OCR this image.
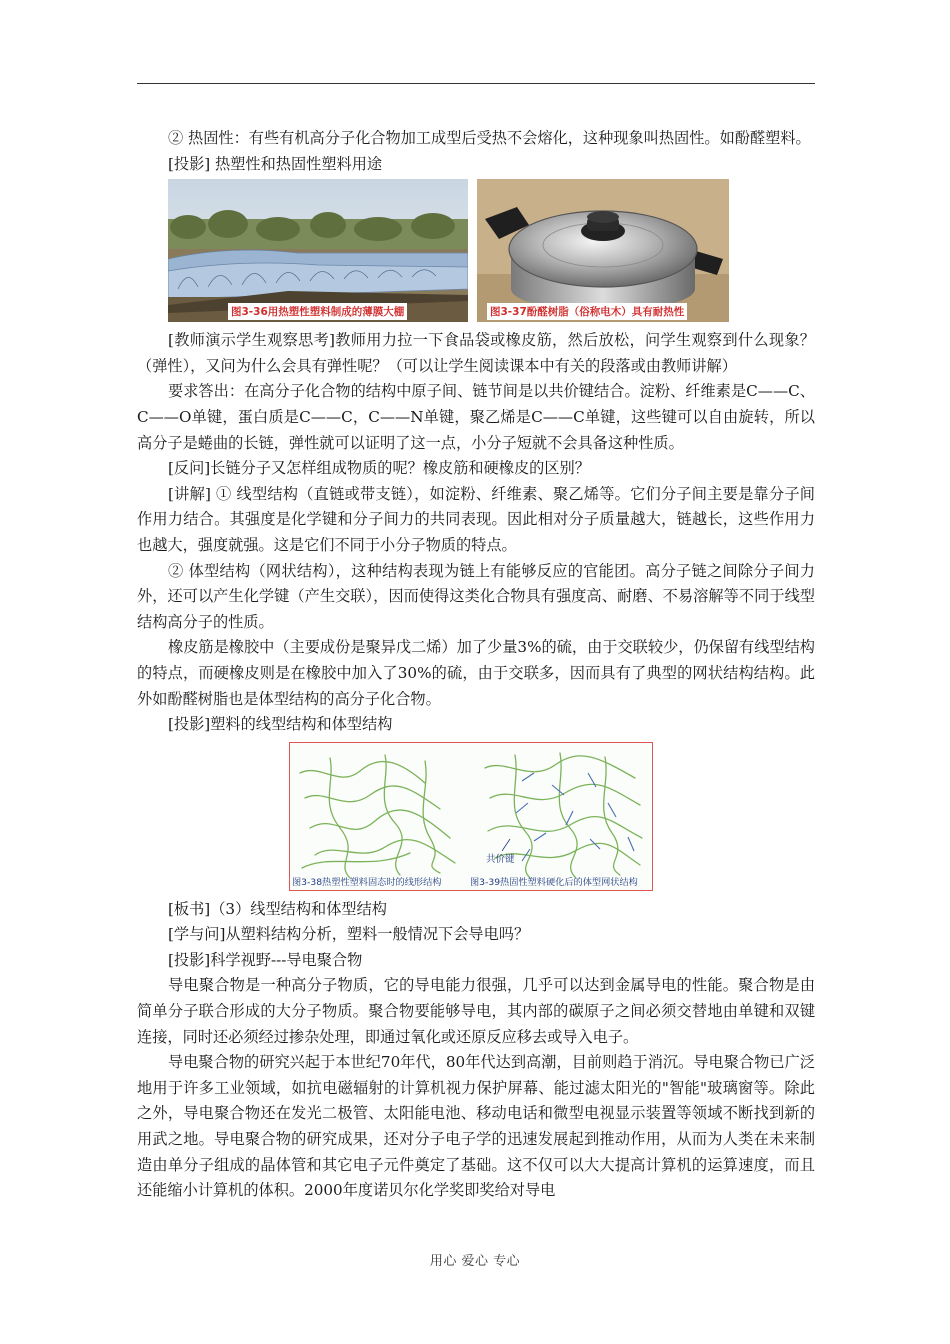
② 热固性：有些有机高分子化合物加工成型后受热不会熔化，这种现象叫热固性。如酚醛塑料。

[投影] 热塑性和热固性塑料用途

图3-36用热塑性塑料制成的薄膜大棚	图3-37酚醛树脂（俗称电木）具有耐热性

[教师演示学生观察思考]教师用力拉一下食品袋或橡皮筋，然后放松，问学生观察到什么现象？（弹性），又问为什么会具有弹性呢？（可以让学生阅读课本中有关的段落或由教师讲解）

要求答出：在高分子化合物的结构中原子间、链节间是以共价键结合。淀粉、纤维素是C——C、C——O单键，蛋白质是C——C，C——N单键，聚乙烯是C——C单键，这些键可以自由旋转，所以高分子是蜷曲的长链，弹性就可以证明了这一点，小分子短就不会具备这种性质。

[反问]长链分子又怎样组成物质的呢？橡皮筋和硬橡皮的区别？

[讲解] ① 线型结构（直链或带支链），如淀粉、纤维素、聚乙烯等。它们分子间主要是靠分子间作用力结合。其强度是化学键和分子间力的共同表现。因此相对分子质量越大，链越长，这些作用力也越大，强度就强。这是它们不同于小分子物质的特点。

② 体型结构（网状结构），这种结构表现为链上有能够反应的官能团。高分子链之间除分子间力外，还可以产生化学键（产生交联），因而使得这类化合物具有强度高、耐磨、不易溶解等不同于线型结构高分子的性质。

橡皮筋是橡胶中（主要成份是聚异戊二烯）加了少量3%的硫，由于交联较少，仍保留有线型结构的特点，而硬橡皮则是在橡胶中加入了30%的硫，由于交联多，因而具有了典型的网状结构结构。此外如酚醛树脂也是体型结构的高分子化合物。

[投影]塑料的线型结构和体型结构

共价键
图3-38热塑性塑料固态时的线形结构	图3-39热固性塑料硬化后的体型网状结构

[板书]（3）线型结构和体型结构

[学与问]从塑料结构分析，塑料一般情况下会导电吗？

[投影]科学视野---导电聚合物

导电聚合物是一种高分子物质，它的导电能力很强，几乎可以达到金属导电的性能。聚合物是由简单分子联合形成的大分子物质。聚合物要能够导电，其内部的碳原子之间必须交替地由单键和双键连接，同时还必须经过掺杂处理，即通过氧化或还原反应移去或导入电子。

导电聚合物的研究兴起于本世纪70年代，80年代达到高潮，目前则趋于消沉。导电聚合物已广泛地用于许多工业领域，如抗电磁辐射的计算机视力保护屏幕、能过滤太阳光的"智能"玻璃窗等。除此之外，导电聚合物还在发光二极管、太阳能电池、移动电话和微型电视显示装置等领域不断找到新的用武之地。导电聚合物的研究成果，还对分子电子学的迅速发展起到推动作用，从而为人类在未来制造由单分子组成的晶体管和其它电子元件奠定了基础。这不仅可以大大提高计算机的运算速度，而且还能缩小计算机的体积。2000年度诺贝尔化学奖即奖给对导电

用心 爱心 专心
